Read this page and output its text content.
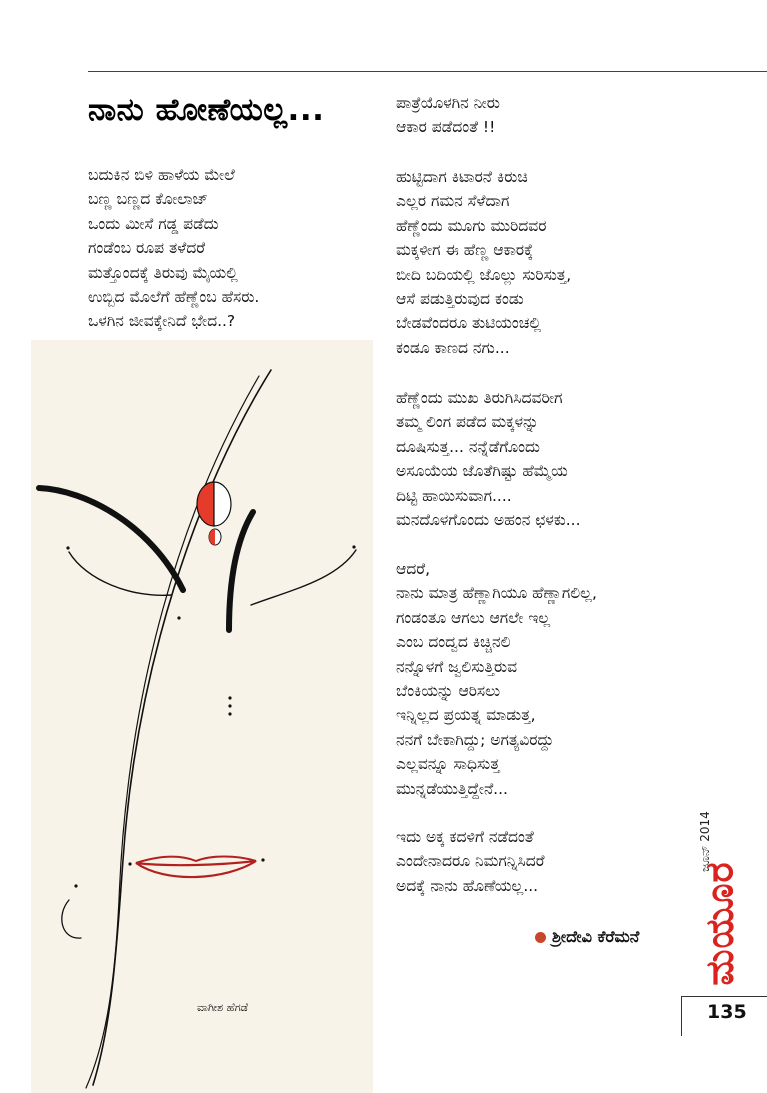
ನಾನು ಹೋಣೆಯಲ್ಲ...
ಬದುಕಿನ ಬಿಳಿ ಹಾಳೆಯ ಮೇಲೆ
ಬಣ್ಣ ಬಣ್ಣದ ಕೋಲಾಜ್
ಒಂದು ಮೀಸೆ ಗಡ್ಡ ಪಡೆದು
ಗಂಡೆಂಬ ರೂಪ ತಳೆದರೆ
ಮತ್ತೊಂದಕ್ಕೆ ತಿರುವು ಮೈಯಲ್ಲಿ
ಉಬ್ಬಿದ ಮೊಲೆಗೆ ಹೆಣ್ಣೆಂಬ ಹೆಸರು.
ಒಳಗಿನ ಜೀವಕ್ಕೇನಿದೆ ಭೇದ..?
ಪಾತ್ರೆಯೊಳಗಿನ ನೀರು
ಆಕಾರ ಪಡೆದಂತೆ !!
ಹುಟ್ಟಿದಾಗ ಕಿಟಾರನೆ ಕಿರುಚಿ
ಎಲ್ಲರ ಗಮನ ಸೆಳೆದಾಗ
ಹೆಣ್ಣೆಂದು ಮೂಗು ಮುರಿದವರ
ಮಕ್ಕಳೀಗ ಈ ಹೆಣ್ಣ ಆಕಾರಕ್ಕೆ
ಬೀದಿ ಬದಿಯಲ್ಲಿ ಜೊಲ್ಲು ಸುರಿಸುತ್ತ,
ಆಸೆ ಪಡುತ್ತಿರುವುದ ಕಂಡು
ಬೇಡವೆಂದರೂ ತುಟಿಯಂಚಲ್ಲಿ
ಕಂಡೂ ಕಾಣದ ನಗು...
ಹೆಣ್ಣೆಂದು ಮುಖ ತಿರುಗಿಸಿದವರೀಗ
ತಮ್ಮ ಲಿಂಗ ಪಡೆದ ಮಕ್ಕಳನ್ನು
ದೂಷಿಸುತ್ತ... ನನ್ನೆಡೆಗೊಂದು
ಅಸೂಯೆಯ ಜೊತೆಗಿಷ್ಟು ಹೆಮ್ಮೆಯ
ದಿಟ್ಟಿ ಹಾಯಿಸುವಾಗ....
ಮನದೊಳಗೊಂದು ಅಹಂನ ಛಳಕು...
ಆದರೆ,
ನಾನು ಮಾತ್ರ ಹೆಣ್ಣಾಗಿಯೂ ಹೆಣ್ಣಾಗಲಿಲ್ಲ,
ಗಂಡಂತೂ ಆಗಲು ಆಗಲೇ ಇಲ್ಲ
ಎಂಬ ದಂದ್ವದ ಕಿಚ್ಚಿನಲಿ
ನನ್ನೊಳಗೆ ಜ್ವಲಿಸುತ್ತಿರುವ
ಬೆಂಕಿಯನ್ನು ಆರಿಸಲು
ಇನ್ನಿಲ್ಲದ ಪ್ರಯತ್ನ ಮಾಡುತ್ತ,
ನನಗೆ ಬೇಕಾಗಿದ್ದು; ಅಗತ್ಯವಿರದ್ದು
ಎಲ್ಲವನ್ನೂ ಸಾಧಿಸುತ್ತ
ಮುನ್ನಡೆಯುತ್ತಿದ್ದೇನೆ...
ಇದು ಅಕ್ಕ ಕದಳಿಗೆ ನಡೆದಂತೆ
ಎಂದೇನಾದರೂ ನಿಮಗನ್ನಿಸಿದರೆ
ಅದಕ್ಕೆ ನಾನು ಹೊಣೆಯಲ್ಲ...
ವಾಗೀಶ ಹೆಗಡೆ
ಶ್ರೀದೇವಿ ಕೆರೆಮನೆ
ಜೂನ್ 2014
ಮಯೂರ
135
